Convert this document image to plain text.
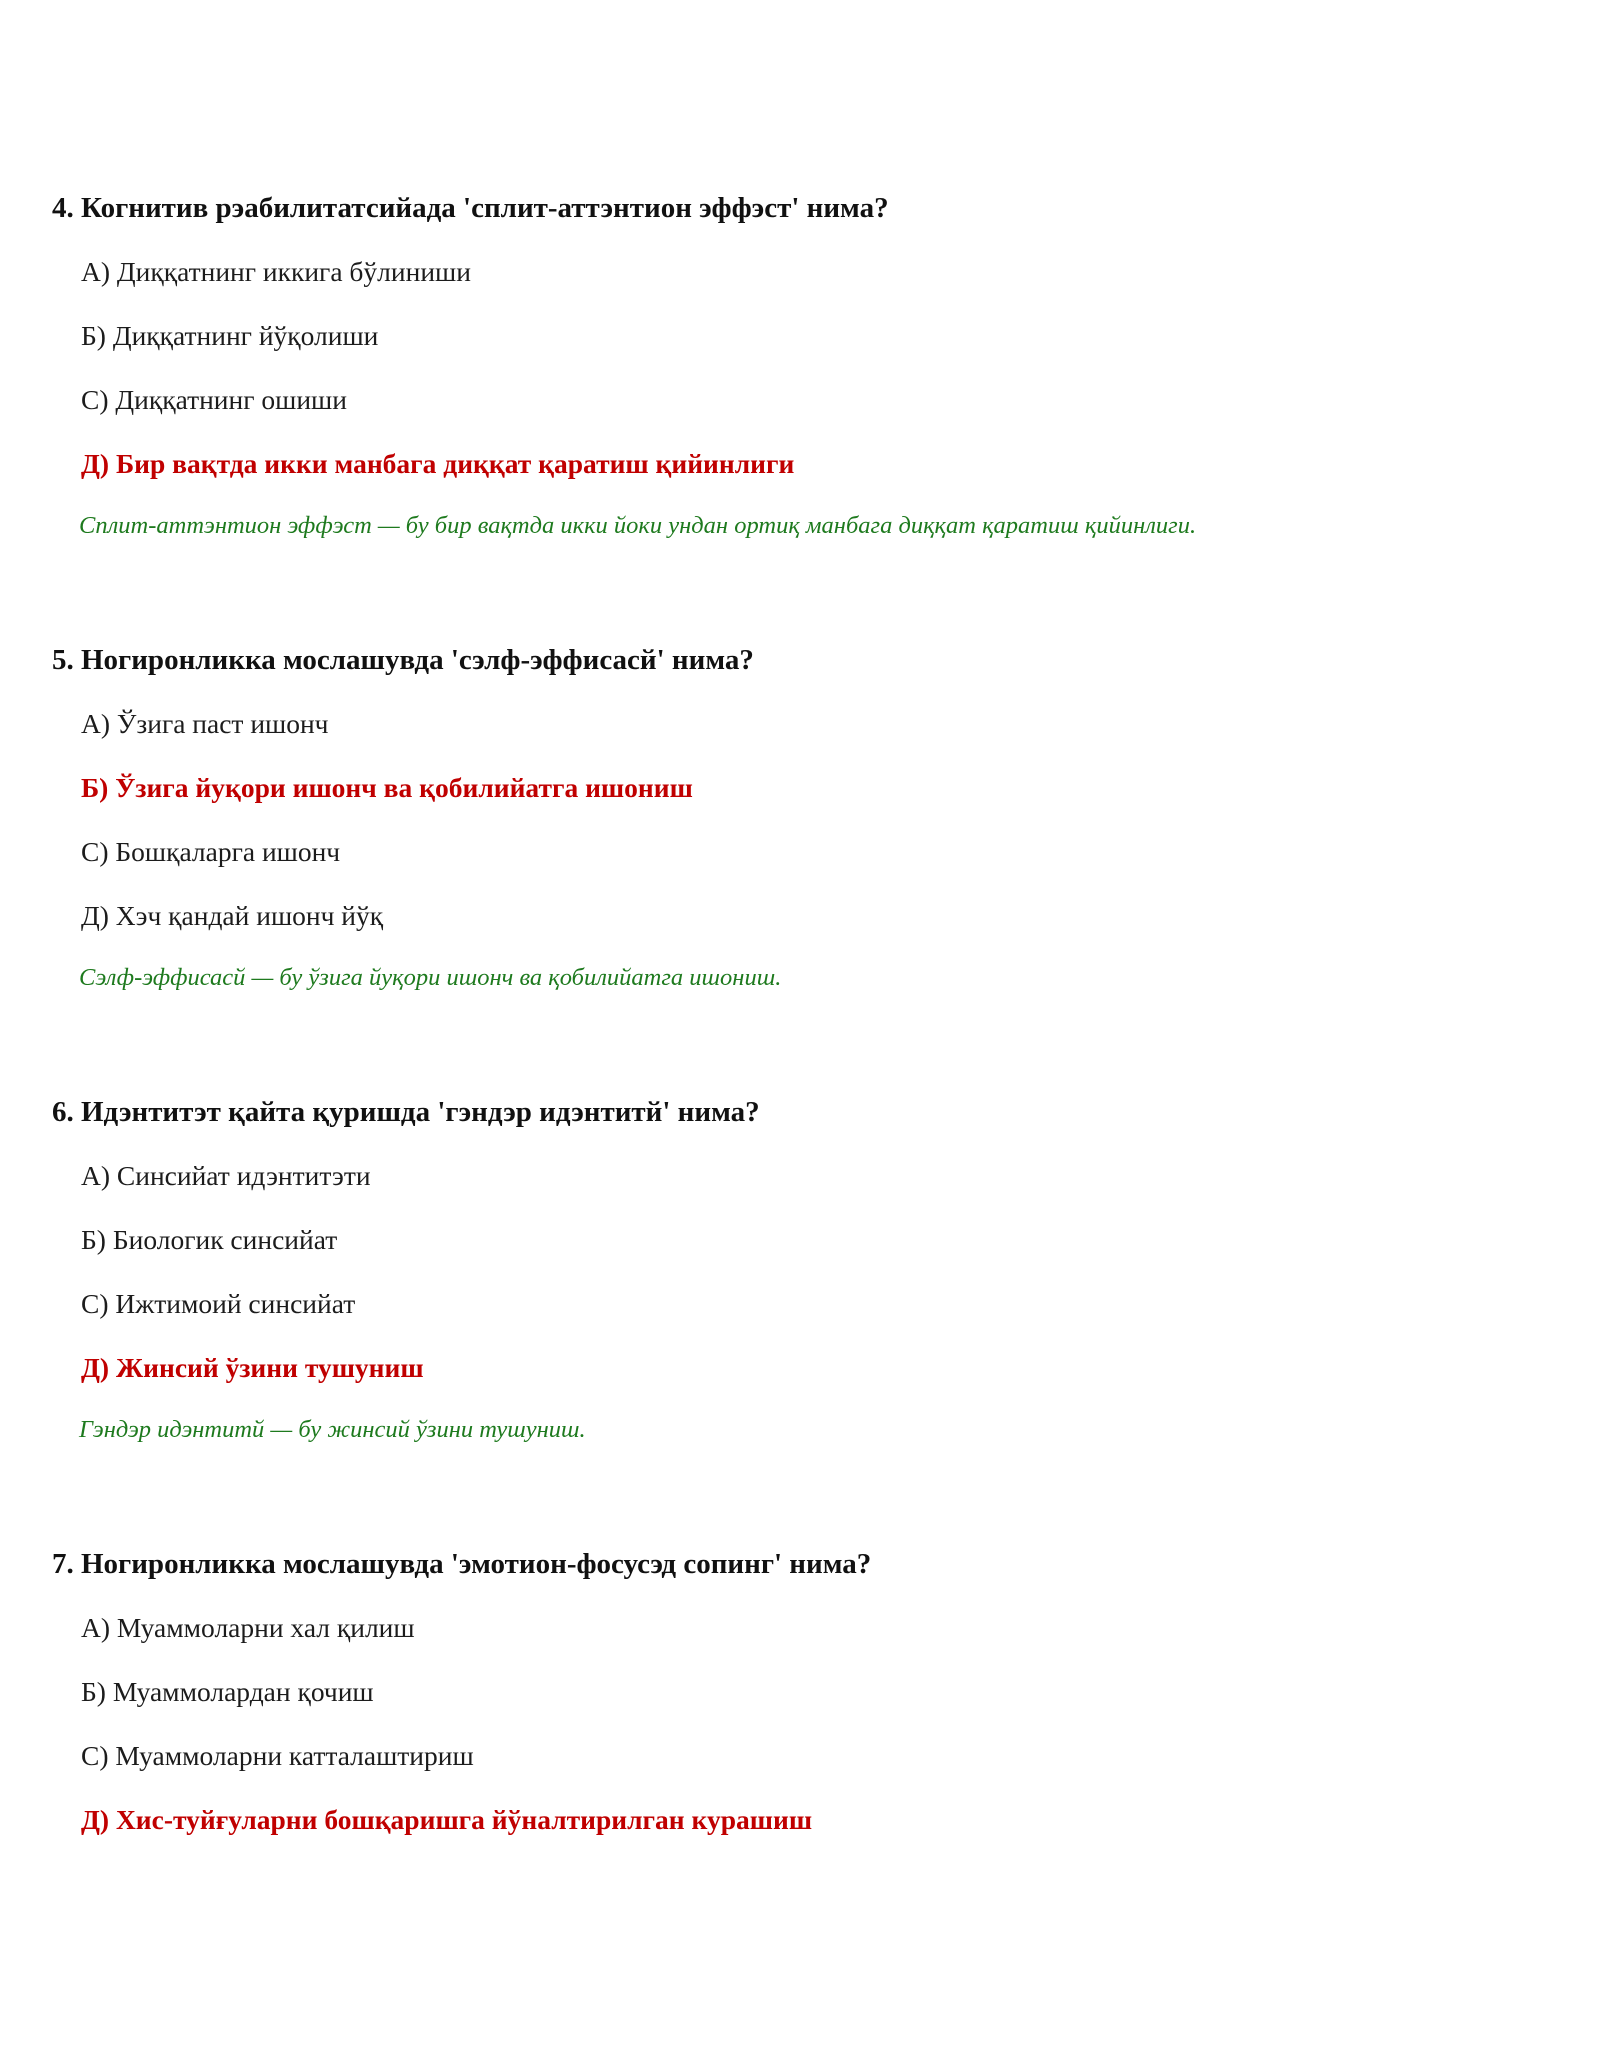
4. Когнитив рэабилитатсийада 'сплит-аттэнтион эффэст' нима?

А) Диққатнинг иккига бўлиниши

Б) Диққатнинг йўқолиши

С) Диққатнинг ошиши

Д) Бир вақтда икки манбага диққат қаратиш қийинлиги

Сплит-аттэнтион эффэст — бу бир вақтда икки йоки ундан ортиқ манбага диққат қаратиш қийинлиги.

5. Ногиронликка мослашувда 'сэлф-эффисасй' нима?

А) Ўзига паст ишонч

Б) Ўзига йуқори ишонч ва қобилийатга ишониш

С) Бошқаларга ишонч

Д) Хэч қандай ишонч йўқ

Сэлф-эффисасй — бу ўзига йуқори ишонч ва қобилийатга ишониш.

6. Идэнтитэт қайта қуришда 'гэндэр идэнтитй' нима?

А) Синсийат идэнтитэти

Б) Биологик синсийат

С) Ижтимоий синсийат

Д) Жинсий ўзини тушуниш

Гэндэр идэнтитй — бу жинсий ўзини тушуниш.

7. Ногиронликка мослашувда 'эмотион-фосусэд сопинг' нима?

А) Муаммоларни хал қилиш

Б) Муаммолардан қочиш

С) Муаммоларни катталаштириш

Д) Хис-туйғуларни бошқаришга йўналтирилган курашиш
